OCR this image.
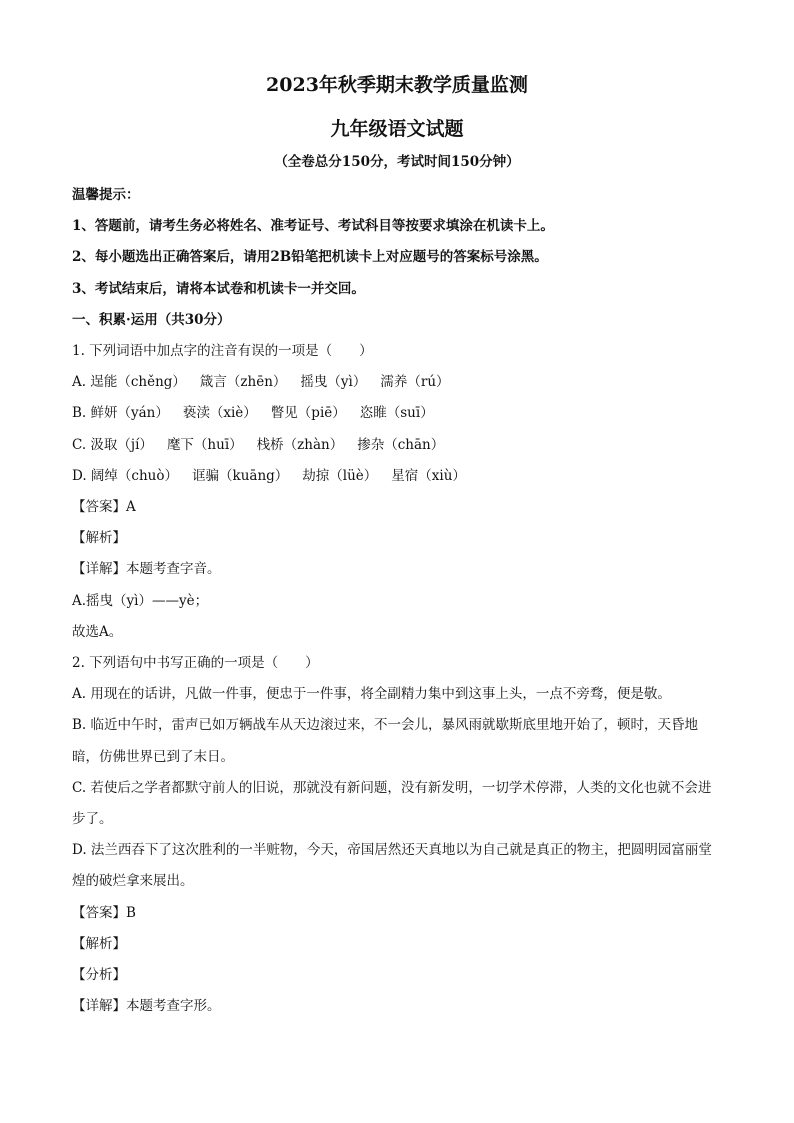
2023年秋季期末教学质量监测
九年级语文试题
（全卷总分150分，考试时间150分钟）
温馨提示：
1、答题前，请考生务必将姓名、准考证号、考试科目等按要求填涂在机读卡上。
2、每小题选出正确答案后，请用2B铅笔把机读卡上对应题号的答案标号涂黑。
3、考试结束后，请将本试卷和机读卡一并交回。
一、积累·运用（共30分）
1. 下列词语中加点字的注音有误的一项是（　　）
A. 逞能（chěng） 箴言（zhēn） 摇曳（yì） 濡养（rú）
B. 鲜妍（yán） 亵渎（xiè） 瞥见（piē） 恣睢（suī）
C. 汲取（jí） 麾下（huī） 栈桥（zhàn） 掺杂（chān）
D. 阔绰（chuò） 诓骗（kuāng） 劫掠（lüè） 星宿（xiù）
【答案】A
【解析】
【详解】本题考查字音。
A.摇曳（yì）——yè；
故选A。
2. 下列语句中书写正确的一项是（　　）
A. 用现在的话讲，凡做一件事，便忠于一件事，将全副精力集中到这事上头，一点不旁骛，便是敬。
B. 临近中午时，雷声已如万辆战车从天边滚过来，不一会儿，暴风雨就歇斯底里地开始了，顿时，天昏地暗，仿佛世界已到了末日。
C. 若使后之学者都默守前人的旧说，那就没有新问题，没有新发明，一切学术停滞，人类的文化也就不会进步了。
D. 法兰西吞下了这次胜利的一半赃物，今天，帝国居然还天真地以为自己就是真正的物主，把圆明园富丽堂煌的破烂拿来展出。
【答案】B
【解析】
【分析】
【详解】本题考查字形。
